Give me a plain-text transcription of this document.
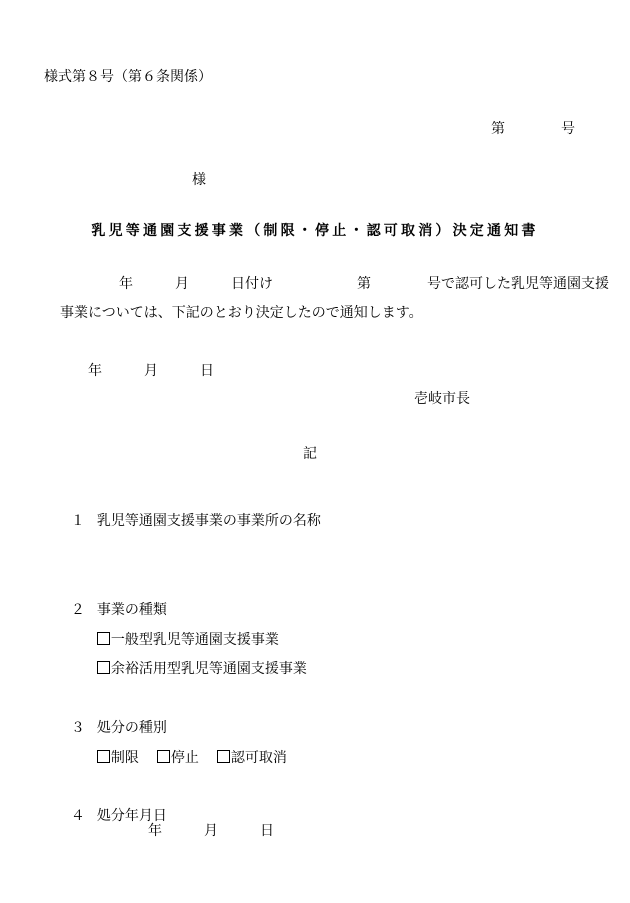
様式第８号（第６条関係）
第　　　　号
様
乳児等通園支援事業（制限・停止・認可取消）決定通知書
年　　　月　　　日付け　　　　　　第　　　　号で認可した乳児等通園支援
事業については、下記のとおり決定したので通知します。
年　　　月　　　日
壱岐市長
記

１ 乳児等通園支援事業の事業所の名称

２ 事業の種類

一般型乳児等通園支援事業

余裕活用型乳児等通園支援事業

３ 処分の種別

制限 停止 認可取消

４ 処分年月日

年　　　月　　　日
